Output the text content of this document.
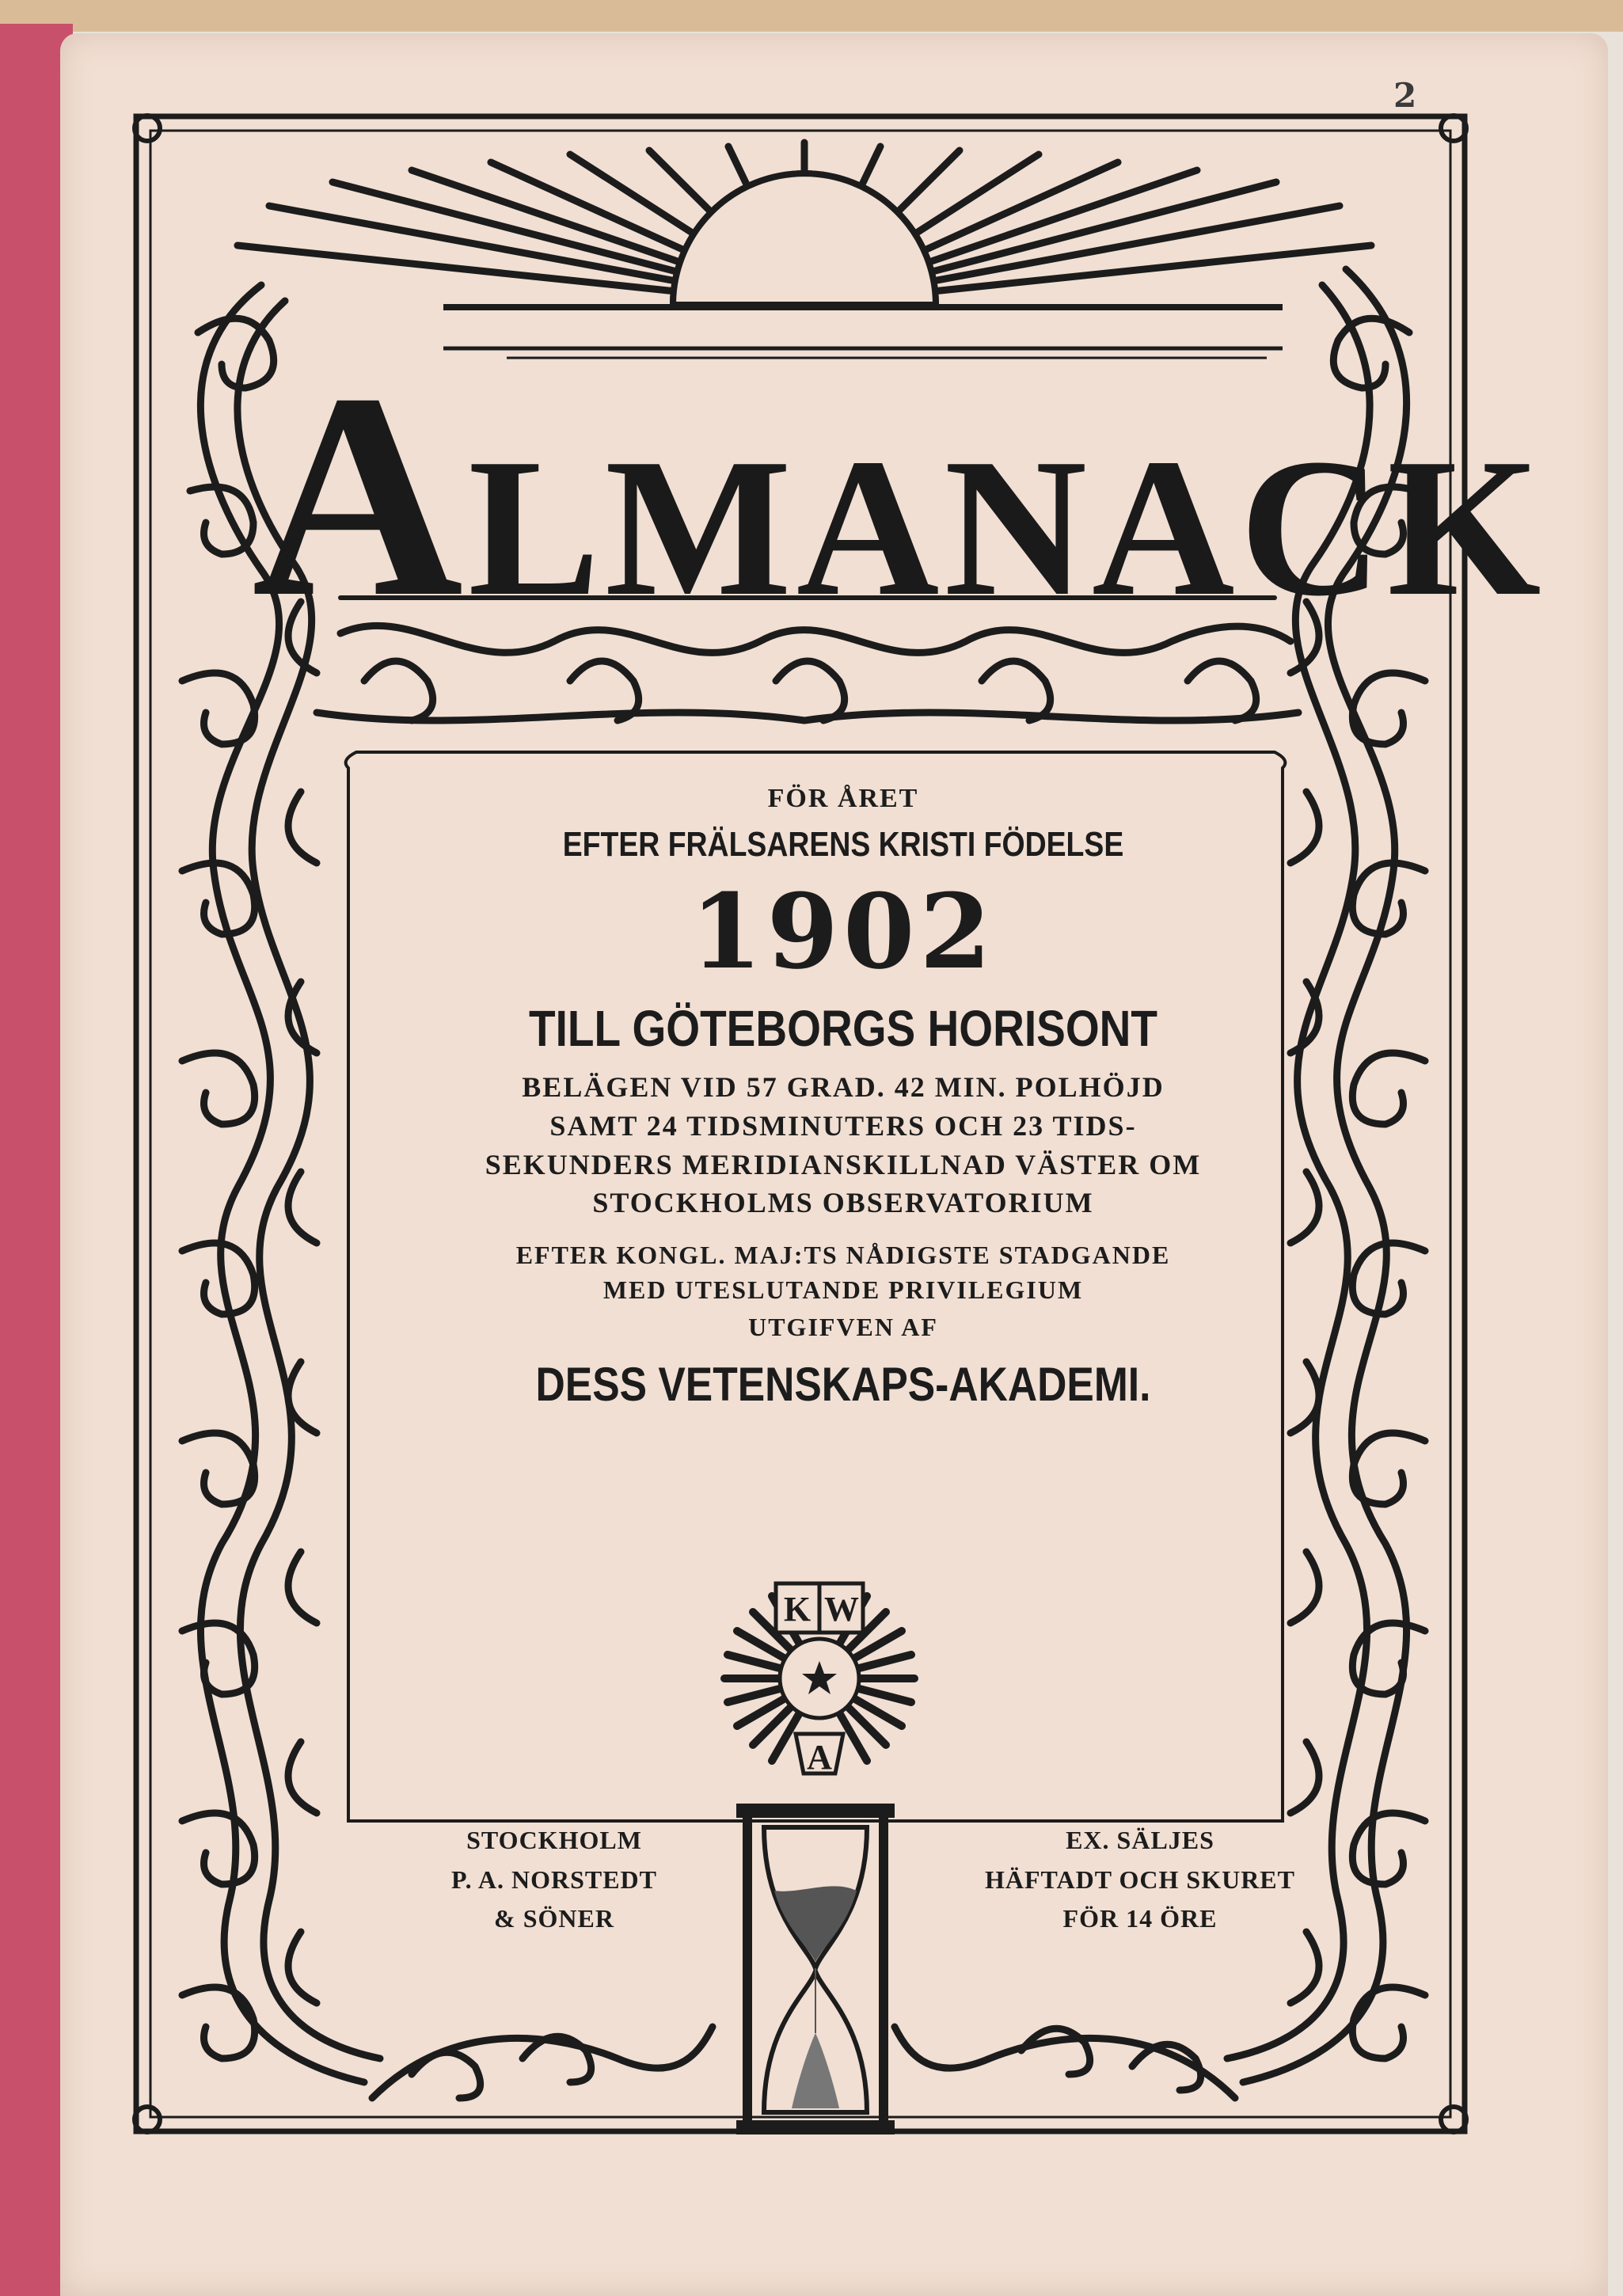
2
ALMANACK

FÖR ÅRET

EFTER FRÄLSARENS KRISTI FÖDELSE

1902

TILL GÖTEBORGS HORISONT

BELÄGEN VID 57 GRAD. 42 MIN. POLHÖJD

SAMT 24 TIDSMINUTERS OCH 23 TIDS-

SEKUNDERS MERIDIANSKILLNAD VÄSTER OM

STOCKHOLMS OBSERVATORIUM

EFTER KONGL. MAJ:TS NÅDIGSTE STADGANDE

MED UTESLUTANDE PRIVILEGIUM

UTGIFVEN AF

DESS VETENSKAPS-AKADEMI.

K W
A
STOCKHOLM
P. A. NORSTEDT
& SÖNER
EX. SÄLJES
HÄFTADT OCH SKURET
FÖR 14 ÖRE
